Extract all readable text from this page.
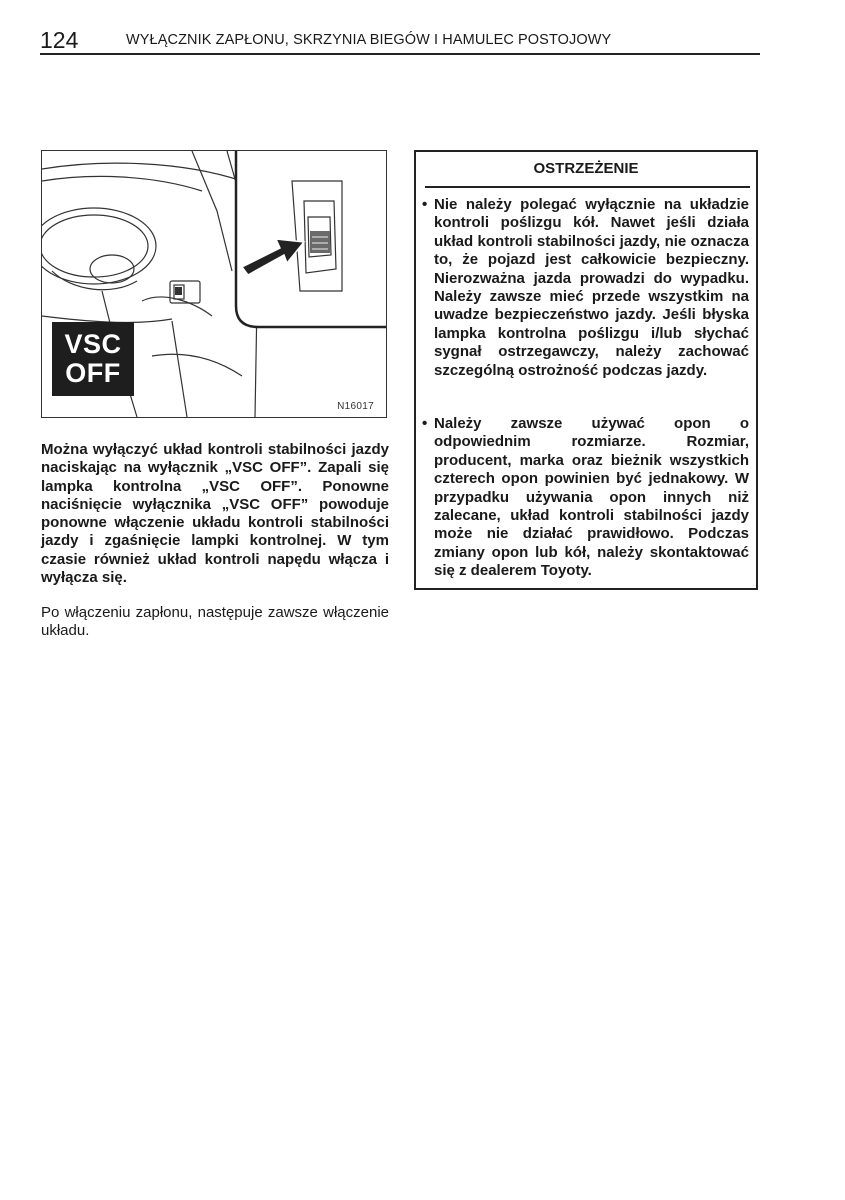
124	WYŁĄCZNIK ZAPŁONU, SKRZYNIA BIEGÓW I HAMULEC POSTOJOWY
VSC
OFF
N16017
Można wyłączyć układ kontroli stabilności jazdy naciskając na wyłącznik „VSC OFF”. Zapali się lampka kontrolna „VSC OFF”. Ponowne naciśnięcie wyłącznika „VSC OFF” powoduje ponowne włączenie układu kontroli stabilności jazdy i zgaśnięcie lampki kontrolnej. W tym czasie również układ kontroli napędu włącza i wyłącza się.
Po włączeniu zapłonu, następuje zawsze włączenie układu.
OSTRZEŻENIE
• Nie należy polegać wyłącznie na układzie kontroli poślizgu kół. Nawet jeśli działa układ kontroli stabilności jazdy, nie oznacza to, że pojazd jest całkowicie bezpieczny. Nierozważna jazda prowadzi do wypadku. Należy zawsze mieć przede wszystkim na uwadze bezpieczeństwo jazdy. Jeśli błyska lampka kontrolna poślizgu i/lub słychać sygnał ostrzegawczy, należy zachować szczególną ostrożność podczas jazdy.
• Należy zawsze używać opon o odpowiednim rozmiarze. Rozmiar, producent, marka oraz bieżnik wszystkich czterech opon powinien być jednakowy. W przypadku używania opon innych niż zalecane, układ kontroli stabilności jazdy może nie działać prawidłowo. Podczas zmiany opon lub kół, należy skontaktować się z dealerem Toyoty.
